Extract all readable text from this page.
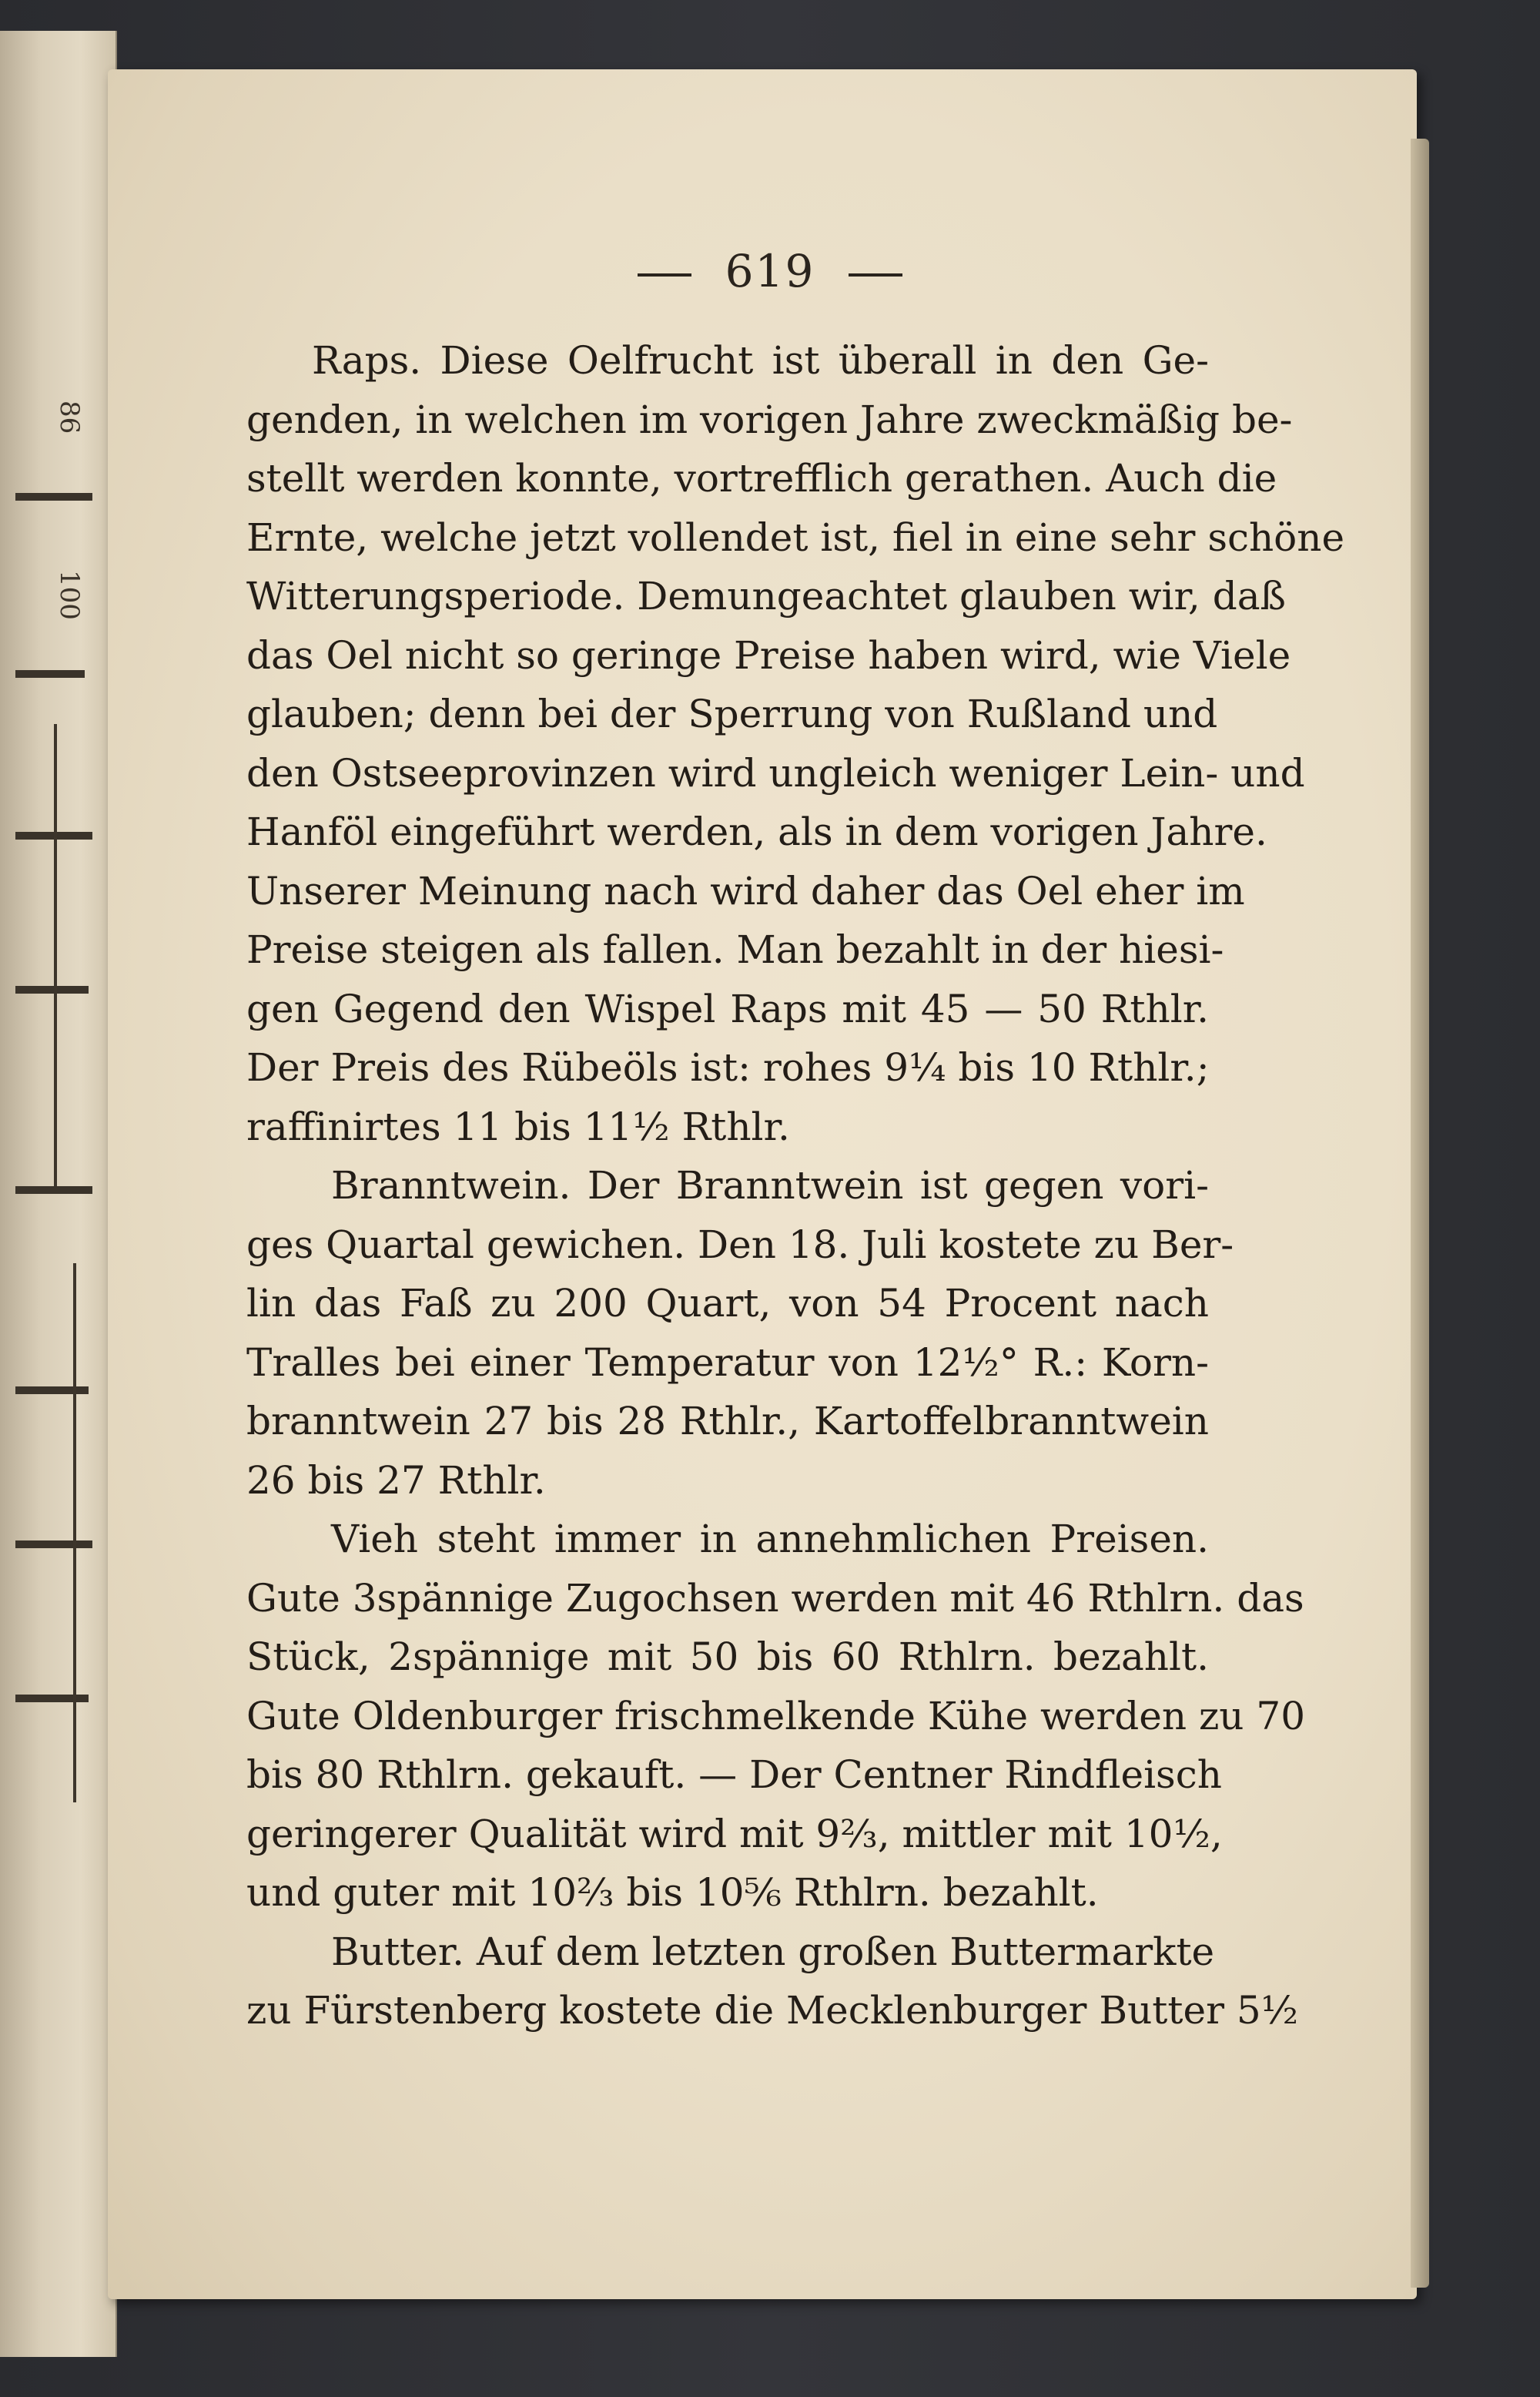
86
100
619
Raps. Diese Oelfrucht ist überall in den Ge-
genden, in welchen im vorigen Jahre zweckmäßig be-
stellt werden konnte, vortrefflich gerathen. Auch die
Ernte, welche jetzt vollendet ist, fiel in eine sehr schöne
Witterungsperiode. Demungeachtet glauben wir, daß
das Oel nicht so geringe Preise haben wird, wie Viele
glauben; denn bei der Sperrung von Rußland und
den Ostseeprovinzen wird ungleich weniger Lein- und
Hanföl eingeführt werden, als in dem vorigen Jahre.
Unserer Meinung nach wird daher das Oel eher im
Preise steigen als fallen. Man bezahlt in der hiesi-
gen Gegend den Wispel Raps mit 45 — 50 Rthlr.
Der Preis des Rübeöls ist: rohes 9¼ bis 10 Rthlr.;
raffinirtes 11 bis 11½ Rthlr.
Branntwein. Der Branntwein ist gegen vori-
ges Quartal gewichen. Den 18. Juli kostete zu Ber-
lin das Faß zu 200 Quart, von 54 Procent nach
Tralles bei einer Temperatur von 12½° R.: Korn-
branntwein 27 bis 28 Rthlr., Kartoffelbranntwein
26 bis 27 Rthlr.
Vieh steht immer in annehmlichen Preisen.
Gute 3spännige Zugochsen werden mit 46 Rthlrn. das
Stück, 2spännige mit 50 bis 60 Rthlrn. bezahlt.
Gute Oldenburger frischmelkende Kühe werden zu 70
bis 80 Rthlrn. gekauft. — Der Centner Rindfleisch
geringerer Qualität wird mit 9⅔, mittler mit 10½,
und guter mit 10⅔ bis 10⅚ Rthlrn. bezahlt.
Butter. Auf dem letzten großen Buttermarkte
zu Fürstenberg kostete die Mecklenburger Butter 5½
